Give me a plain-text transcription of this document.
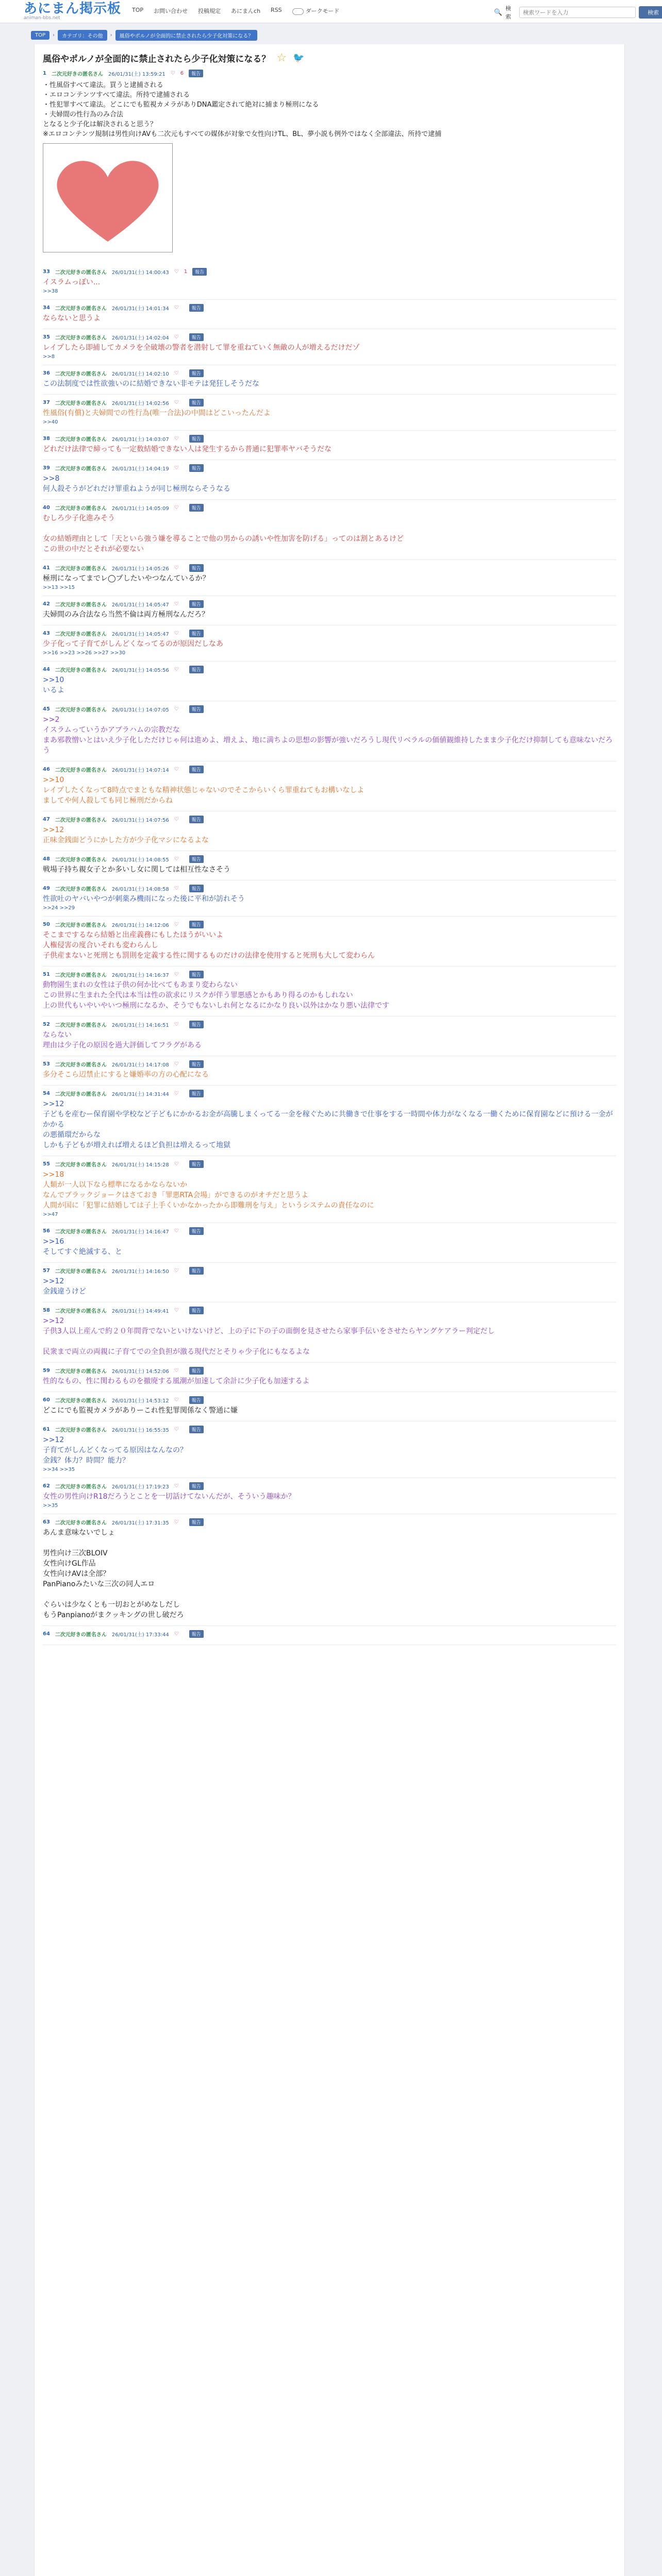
あにまん掲示板
animan-bbs.net
TOP お問い合わせ 投稿規定 あにまんch RSS	ダークモード	🔍 検索
検索ワードを入力
検索
TOP	›	カテゴリ：その他	›	風俗やポルノが全面的に禁止されたら少子化対策になる？
風俗やポルノが全面的に禁止されたら少子化対策になる？ ☆ 🐦
1 二次元好きの匿名さん 26/01/31(土) 13:59:21 ♡ 6	報告
・性風俗すべて違法。買うと逮捕される
・エロコンテンツすべて違法。所持で逮捕される
・性犯罪すべて違法。どこにでも監視カメラがありDNA鑑定されて絶対に捕まり極刑になる
・夫婦間の性行為のみ合法
となると少子化は解決されると思う？
※エロコンテンツ規制は男性向けAVも二次元もすべての媒体が対象で女性向けTL、BL、夢小説も例外ではなく全部違法、所持で逮捕
33 二次元好きの匿名さん 26/01/31(土) 14:00:43 ♡ 1	報告
イスラムっぽい...
>>38
34 二次元好きの匿名さん 26/01/31(土) 14:01:34 ♡	報告
ならないと思うよ
35 二次元好きの匿名さん 26/01/31(土) 14:02:04 ♡	報告
レイプしたら即捕してカメラを全破壊の警者を潜射して罪を重ねていく無敵の人が増えるだけだゾ
>>8
36 二次元好きの匿名さん 26/01/31(土) 14:02:10 ♡	報告
この法制度では性欲強いのに結婚できない非モテは発狂しそうだな
37 二次元好きの匿名さん 26/01/31(土) 14:02:56 ♡	報告
性風俗(有償)と夫婦間での性行為(唯一合法)の中間はどこいったんだよ
>>40
38 二次元好きの匿名さん 26/01/31(土) 14:03:07 ♡	報告
どれだけ法律で締っても一定数結婚できない人は発生するから普通に犯罪率ヤバそうだな
39 二次元好きの匿名さん 26/01/31(土) 14:04:19 ♡	報告
>>8
何人殺そうがどれだけ罪重ねようが同じ極刑ならそうなる
40 二次元好きの匿名さん 26/01/31(土) 14:05:09 ♡	報告
むしろ少子化進みそう

女の結婚理由として「天といら強う嫌を導ることで他の男からの誘いや性加害を防げる」ってのは割とあるけど
この世の中だとそれが必要ない
41 二次元好きの匿名さん 26/01/31(土) 14:05:26 ♡	報告
極刑になってまでレ◯プしたいやつなんているか？
>>13 >>15
42 二次元好きの匿名さん 26/01/31(土) 14:05:47 ♡	報告
夫婦間のみ合法なら当然不倫は両方極刑なんだろ？
43 二次元好きの匿名さん 26/01/31(土) 14:05:47 ♡	報告
少子化って子育てがしんどくなってるのが原因だしなあ
>>16 >>23 >>26 >>27 >>30
44 二次元好きの匿名さん 26/01/31(土) 14:05:56 ♡	報告
>>10
いるよ
45 二次元好きの匿名さん 26/01/31(土) 14:07:05 ♡	報告
>>2
イスラムっていうかアブラハムの宗教だな
まあ邪教憎いとはいえ少子化しただけじゃ何は進めよ、増えよ、地に満ちよの思想の影響が強いだろうし現代リベラルの価値観維持したまま少子化だけ抑制しても意味ないだろう
46 二次元好きの匿名さん 26/01/31(土) 14:07:14 ♡	報告
>>10
レイプしたくなって8時点でまともな精神状態じゃないのでそこからいくら罪重ねてもお構いなしよ
ましてや何人殺しても同じ極刑だからね
47 二次元好きの匿名さん 26/01/31(土) 14:07:56 ♡	報告
>>12
正味金銭面どうにかした方が少子化マシになるよな
48 二次元好きの匿名さん 26/01/31(土) 14:08:55 ♡	報告
戦場子持ち親女子とか多いし女に関しては相互性なさそう
49 二次元好きの匿名さん 26/01/31(土) 14:08:58 ♡	報告
性欲吐のヤバいやつが刺薬み機雨になった後に平和が訪れそう
>>24 >>29
50 二次元好きの匿名さん 26/01/31(土) 14:12:06 ♡	報告
そこまでするなら結婚と出産義務にもしたほうがいいよ
人権侵害の度合いそれも変わらんし
子供産まないと死刑とも罰則を定義する性に関するものだけの法律を使用すると死刑も大して変わらん
51 二次元好きの匿名さん 26/01/31(土) 14:16:37 ♡	報告
動物園生まれの女性は子供の何か比べてもあまり変わらない
この世界に生まれた全代は本当は性の欲求にリスクが伴う罪悪感とかもあり得るのかもしれない
上の世代もいやいやいつ極刑になるか、そうでもないしれ何となるにかなり良い以外はかなり悪い法律です
52 二次元好きの匿名さん 26/01/31(土) 14:16:51 ♡	報告
ならない
理由は少子化の原因を過大評価してフラグがある
53 二次元好きの匿名さん 26/01/31(土) 14:17:08 ♡	報告
多分そこら辺禁止にすると嫌婚率の方の心配になる
54 二次元好きの匿名さん 26/01/31(土) 14:31:44 ♡	報告
>>12
子どもを産むー保育園や学校など子どもにかかるお金が高騰しまくってる一金を稼ぐために共働きで仕事をする一時間や体力がなくなる一働くために保育園などに預ける一金がかかる
の悪循環だからな
しかも子どもが増えれば増えるほど負担は増えるって地獄
55 二次元好きの匿名さん 26/01/31(土) 14:15:28 ♡	報告
>>18
人類が一人以下なら標準になるかならないか
なんでブラックジョークはさておき「罪悪RTA会場」ができるのがオチだと思うよ
人間が国に「犯罪に結婚しては子上手くいかなかったから即難刑を与え」というシステムの責任なのに
>>47
56 二次元好きの匿名さん 26/01/31(土) 14:16:47 ♡	報告
>>16
そしてすぐ絶滅する、と
57 二次元好きの匿名さん 26/01/31(土) 14:16:50 ♡	報告
>>12
金銭違うけど
58 二次元好きの匿名さん 26/01/31(土) 14:49:41 ♡	報告
>>12
子供3人以上産んで約２０年間背でないといけないけど、上の子に下の子の面倒を見させたら家事手伝いをさせたらヤングケアラー判定だし

民衆まで両立の両親に子育てでの全負担が激る現代だとそりゃ少子化にもなるよな
59 二次元好きの匿名さん 26/01/31(土) 14:52:06 ♡	報告
性的なもの、性に関わるものを撤廃する風潮が加速して余計に少子化も加速するよ
60 二次元好きの匿名さん 26/01/31(土) 14:53:12 ♡	報告
どこにでも監視カメラがありーこれ性犯罪関係なく警通に嫌
61 二次元好きの匿名さん 26/01/31(土) 16:55:35 ♡	報告
>>12
子育てがしんどくなってる原因はなんなの？
金銭？体力？時間？能力？
>>34 >>35
62 二次元好きの匿名さん 26/01/31(土) 17:19:23 ♡	報告
女性の男性向けR18だろうとことを一切話けてないんだが、そういう趣味か？
>>35
63 二次元好きの匿名さん 26/01/31(土) 17:31:35 ♡	報告
あんま意味ないでしょ

男性向け三次BLOIV
女性向けGL作品
女性向けAVは全部？
PanPianoみたいな三次の同人エロ

ぐらいは少なくとも一切おとがめなしだし
もうPanpianoがまクッキングの世し破だろ
64 二次元好きの匿名さん 26/01/31(土) 17:33:44 ♡	報告
